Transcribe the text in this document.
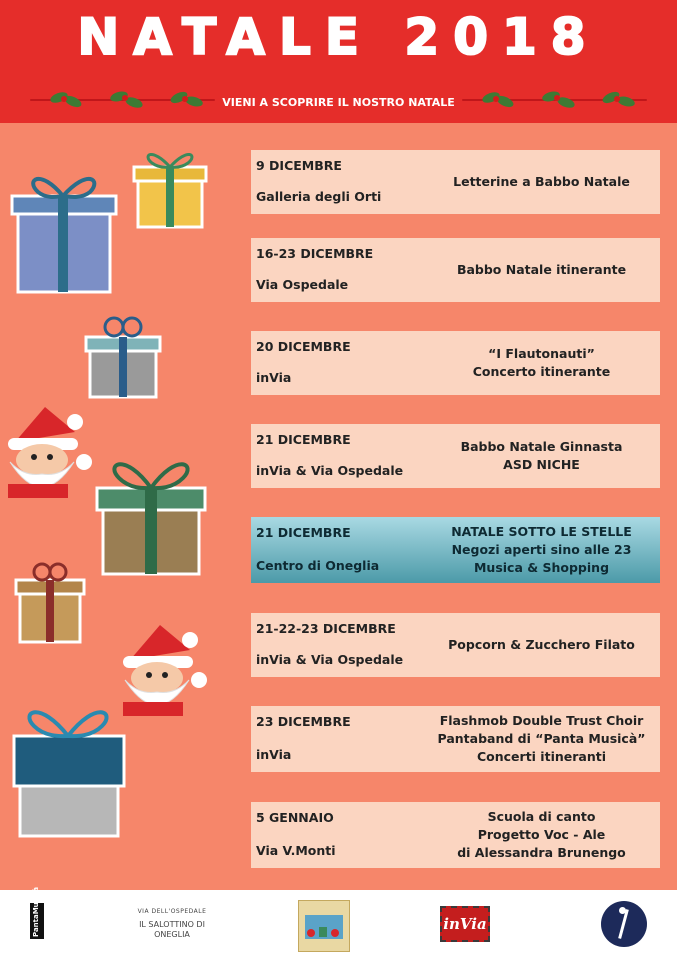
NATALE 2018
VIENI A SCOPRIRE IL NOSTRO NATALE
9 DICEMBRE
Galleria degli Orti
Letterine a Babbo Natale
16-23 DICEMBRE
Via Ospedale
Babbo Natale itinerante
20 DICEMBRE
inVia
“I Flautonauti”
Concerto itinerante
21 DICEMBRE
inVia & Via Ospedale
Babbo Natale Ginnasta
ASD NICHE
21 DICEMBRE
Centro di Oneglia
NATALE SOTTO LE STELLE
Negozi aperti sino alle 23
Musica & Shopping
21-22-23 DICEMBRE
inVia & Via Ospedale
Popcorn & Zucchero Filato
23 DICEMBRE
inVia
Flashmob Double Trust Choir
Pantaband di “Panta Musicà”
Concerti itineranti
5 GENNAIO
Via V.Monti
Scuola di canto
Progetto Voc - Ale
di Alessandra Brunengo
PantaMusicà	VIA DELL'OSPEDALE
IL SALOTTINO DI ONEGLIA
inVia
